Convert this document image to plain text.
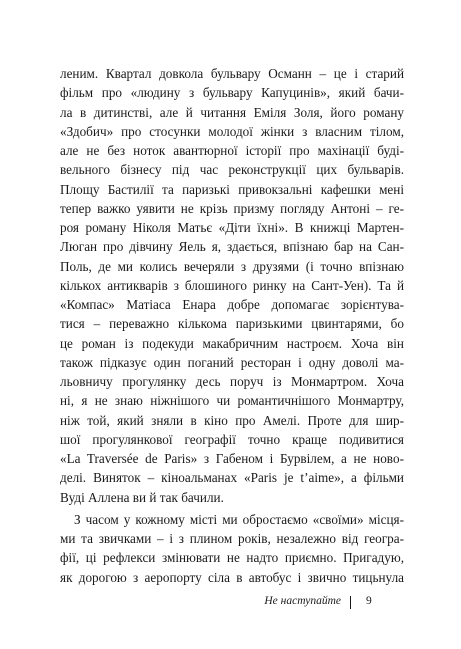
леним. Квартал довкола бульвару Османн – це і старий
фільм про «людину з бульвару Капуцинів», який бачи-
ла в дитинстві, але й читання Еміля Золя, його роману
«Здобич» про стосунки молодої жінки з власним тілом,
але не без ноток авантюрної історії про махінації буді-
вельного бізнесу під час реконструкції цих бульварів.
Площу Бастилії та паризькі привокзальні кафешки мені
тепер важко уявити не крізь призму погляду Антоні – ге-
роя роману Ніколя Матьє «Діти їхні». В книжці Мартен-
Люган про дівчину Яель я, здається, впізнаю бар на Сан-
Поль, де ми колись вечеряли з друзями (і точно впізнаю
кількох антикварів з блошиного ринку на Сант-Уен). Та й
«Компас» Матіаса Енара добре допомагає зорієнтува-
тися – переважно кількома паризькими цвинтарями, бо
це роман із подекуди макабричним настроєм. Хоча він
також підказує один поганий ресторан і одну доволі ма-
льовничу прогулянку десь поруч із Монмартром. Хоча
ні, я не знаю ніжнішого чи романтичнішого Монмартру,
ніж той, який зняли в кіно про Амелі. Проте для шир-
шої прогулянкової географії точно краще подивитися
«La Traversée de Paris» з Габеном і Бурвілем, а не новo-
делі. Виняток – кіноальманах «Paris je t’aime», а фільми
Вуді Аллена ви й так бачили.
З часом у кожному місті ми обростаємо «своїми» місця-
ми та звичками – і з плином років, незалежно від геогра-
фії, ці рефлекси змінювати не надто приємно. Пригадую,
як дорогою з аеропорту сіла в автобус і звично тицьнула
Не наступайте 9
